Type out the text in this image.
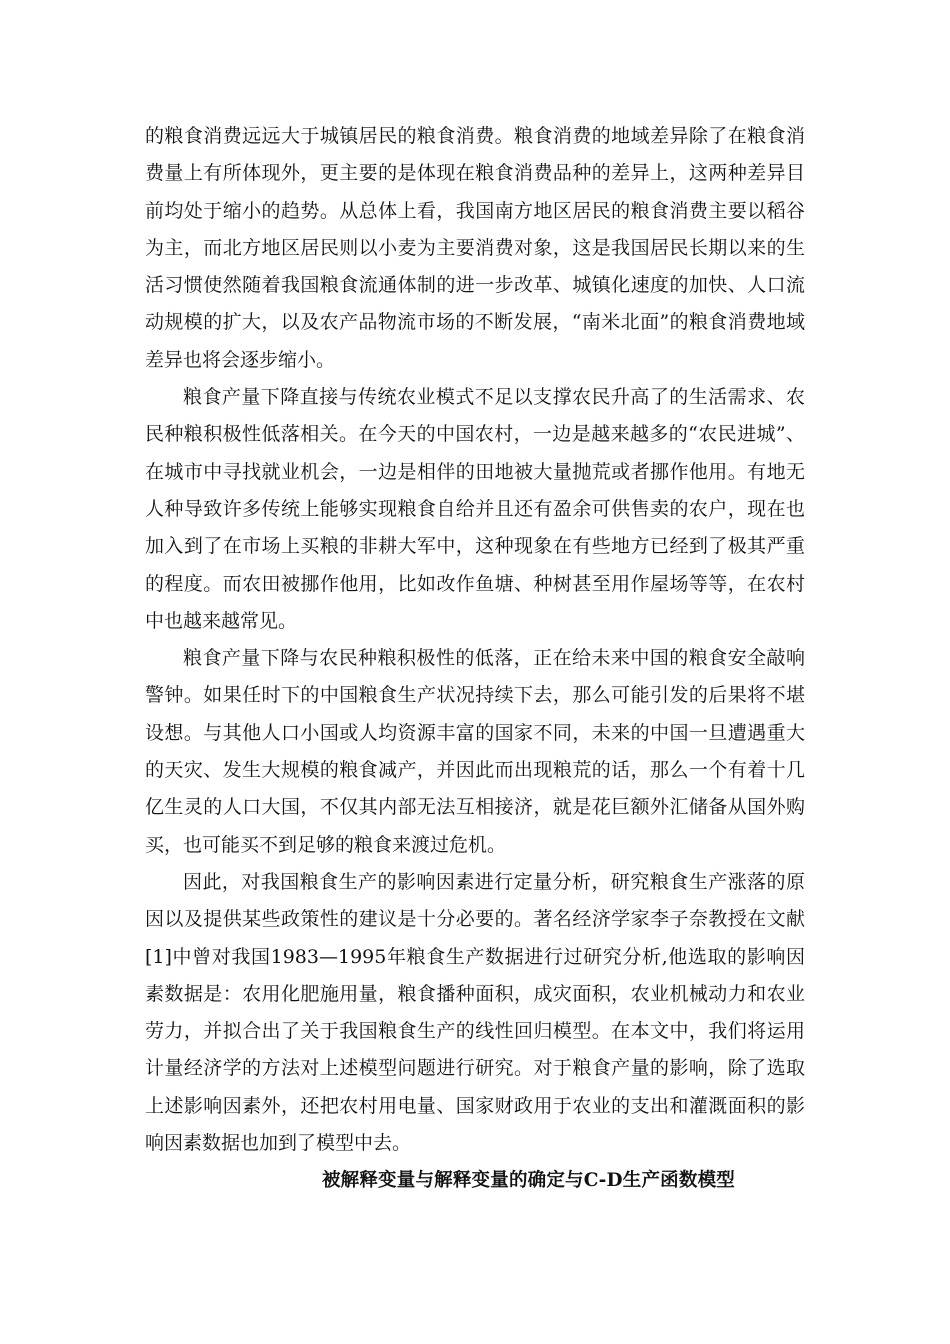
的粮食消费远远大于城镇居民的粮食消费。粮食消费的地域差异除了在粮食消费量上有所体现外，更主要的是体现在粮食消费品种的差异上，这两种差异目前均处于缩小的趋势。从总体上看，我国南方地区居民的粮食消费主要以稻谷为主，而北方地区居民则以小麦为主要消费对象，这是我国居民长期以来的生活习惯使然随着我国粮食流通体制的进一步改革、城镇化速度的加快、人口流动规模的扩大，以及农产品物流市场的不断发展，“南米北面”的粮食消费地域差异也将会逐步缩小。

粮食产量下降直接与传统农业模式不足以支撑农民升高了的生活需求、农民种粮积极性低落相关。在今天的中国农村，一边是越来越多的“农民进城”、在城市中寻找就业机会，一边是相伴的田地被大量抛荒或者挪作他用。有地无人种导致许多传统上能够实现粮食自给并且还有盈余可供售卖的农户，现在也加入到了在市场上买粮的非耕大军中，这种现象在有些地方已经到了极其严重的程度。而农田被挪作他用，比如改作鱼塘、种树甚至用作屋场等等，在农村中也越来越常见。

粮食产量下降与农民种粮积极性的低落，正在给未来中国的粮食安全敲响警钟。如果任时下的中国粮食生产状况持续下去，那么可能引发的后果将不堪设想。与其他人口小国或人均资源丰富的国家不同，未来的中国一旦遭遇重大的天灾、发生大规模的粮食减产，并因此而出现粮荒的话，那么一个有着十几亿生灵的人口大国，不仅其内部无法互相接济，就是花巨额外汇储备从国外购买，也可能买不到足够的粮食来渡过危机。

因此，对我国粮食生产的影响因素进行定量分析，研究粮食生产涨落的原因以及提供某些政策性的建议是十分必要的。著名经济学家李子奈教授在文献[1]中曾对我国1983—1995年粮食生产数据进行过研究分析,他选取的影响因素数据是：农用化肥施用量，粮食播种面积，成灾面积，农业机械动力和农业劳力，并拟合出了关于我国粮食生产的线性回归模型。在本文中，我们将运用计量经济学的方法对上述模型问题进行研究。对于粮食产量的影响，除了选取上述影响因素外，还把农村用电量、国家财政用于农业的支出和灌溉面积的影响因素数据也加到了模型中去。

被解释变量与解释变量的确定与C-D生产函数模型
